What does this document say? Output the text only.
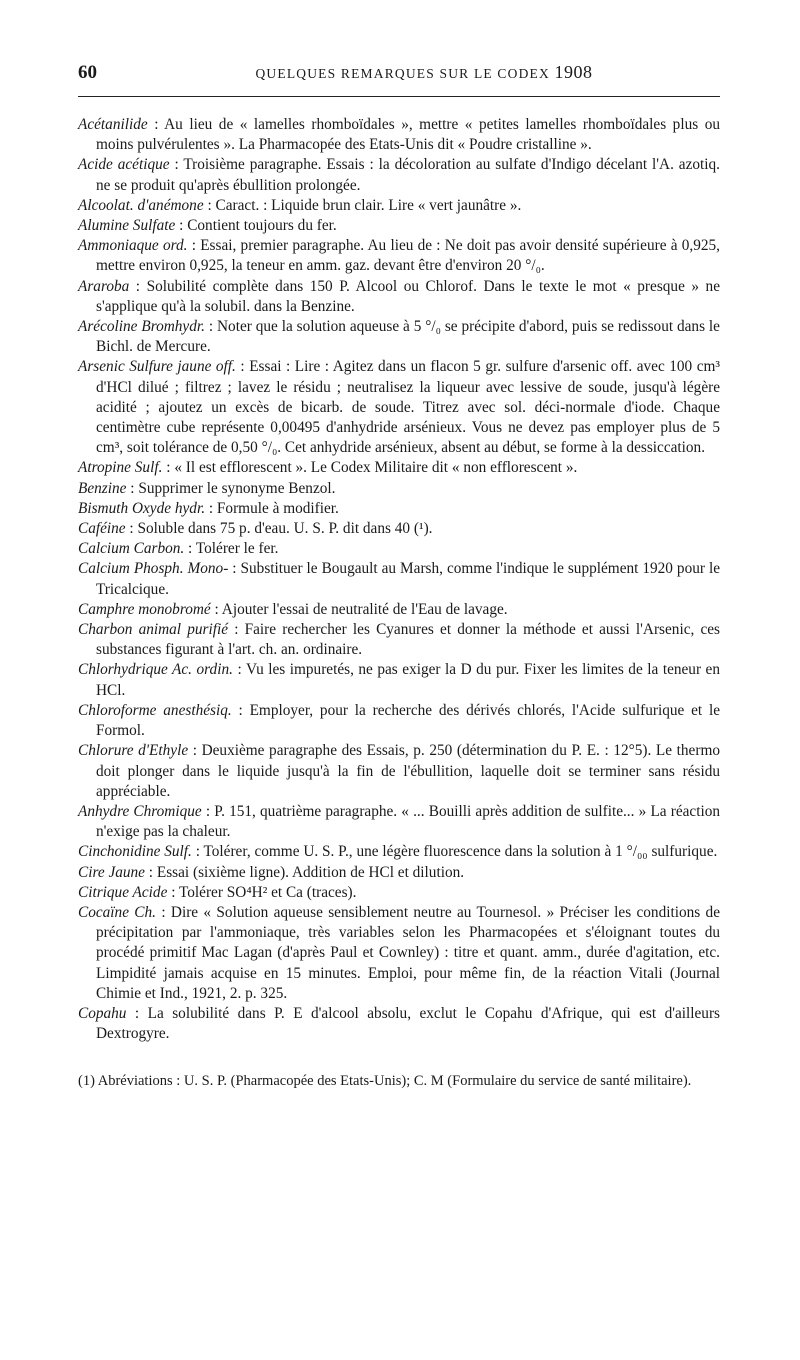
60	QUELQUES REMARQUES SUR LE CODEX 1908

Acétanilide : Au lieu de « lamelles rhomboïdales », mettre « petites lamelles rhomboïdales plus ou moins pulvérulentes ». La Pharmacopée des Etats-Unis dit « Poudre cristalline ».

Acide acétique : Troisième paragraphe. Essais : la décoloration au sulfate d'Indigo décelant l'A. azotiq. ne se produit qu'après ébullition prolongée.

Alcoolat. d'anémone : Caract. : Liquide brun clair. Lire « vert jaunâtre ».

Alumine Sulfate : Contient toujours du fer.

Ammoniaque ord. : Essai, premier paragraphe. Au lieu de : Ne doit pas avoir densité supérieure à 0,925, mettre environ 0,925, la teneur en amm. gaz. devant être d'environ 20 °/₀.

Araroba : Solubilité complète dans 150 P. Alcool ou Chlorof. Dans le texte le mot « presque » ne s'applique qu'à la solubil. dans la Benzine.

Arécoline Bromhydr. : Noter que la solution aqueuse à 5 °/₀ se précipite d'abord, puis se redissout dans le Bichl. de Mercure.

Arsenic Sulfure jaune off. : Essai : Lire : Agitez dans un flacon 5 gr. sulfure d'arsenic off. avec 100 cm³ d'HCl dilué ; filtrez ; lavez le résidu ; neutralisez la liqueur avec lessive de soude, jusqu'à légère acidité ; ajoutez un excès de bicarb. de soude. Titrez avec sol. déci-normale d'iode. Chaque centimètre cube représente 0,00495 d'anhydride arsénieux. Vous ne devez pas employer plus de 5 cm³, soit tolérance de 0,50 °/₀. Cet anhydride arsénieux, absent au début, se forme à la dessiccation.

Atropine Sulf. : « Il est efflorescent ». Le Codex Militaire dit « non efflorescent ».

Benzine : Supprimer le synonyme Benzol.

Bismuth Oxyde hydr. : Formule à modifier.

Caféine : Soluble dans 75 p. d'eau. U. S. P. dit dans 40 (¹).

Calcium Carbon. : Tolérer le fer.

Calcium Phosph. Mono- : Substituer le Bougault au Marsh, comme l'indique le supplément 1920 pour le Tricalcique.

Camphre monobromé : Ajouter l'essai de neutralité de l'Eau de lavage.

Charbon animal purifié : Faire rechercher les Cyanures et donner la méthode et aussi l'Arsenic, ces substances figurant à l'art. ch. an. ordinaire.

Chlorhydrique Ac. ordin. : Vu les impuretés, ne pas exiger la D du pur. Fixer les limites de la teneur en HCl.

Chloroforme anesthésiq. : Employer, pour la recherche des dérivés chlorés, l'Acide sulfurique et le Formol.

Chlorure d'Ethyle : Deuxième paragraphe des Essais, p. 250 (détermination du P. E. : 12°5). Le thermo doit plonger dans le liquide jusqu'à la fin de l'ébullition, laquelle doit se terminer sans résidu appréciable.

Anhydre Chromique : P. 151, quatrième paragraphe. « ... Bouilli après addition de sulfite... » La réaction n'exige pas la chaleur.

Cinchonidine Sulf. : Tolérer, comme U. S. P., une légère fluorescence dans la solution à 1 °/₀₀ sulfurique.

Cire Jaune : Essai (sixième ligne). Addition de HCl et dilution.

Citrique Acide : Tolérer SO⁴H² et Ca (traces).

Cocaïne Ch. : Dire « Solution aqueuse sensiblement neutre au Tournesol. » Préciser les conditions de précipitation par l'ammoniaque, très variables selon les Pharmacopées et s'éloignant toutes du procédé primitif Mac Lagan (d'après Paul et Cownley) : titre et quant. amm., durée d'agitation, etc. Limpidité jamais acquise en 15 minutes. Emploi, pour même fin, de la réaction Vitali (Journal Chimie et Ind., 1921, 2. p. 325.

Copahu : La solubilité dans P. E d'alcool absolu, exclut le Copahu d'Afrique, qui est d'ailleurs Dextrogyre.

(1) Abréviations : U. S. P. (Pharmacopée des Etats-Unis); C. M (Formulaire du service de santé militaire).
